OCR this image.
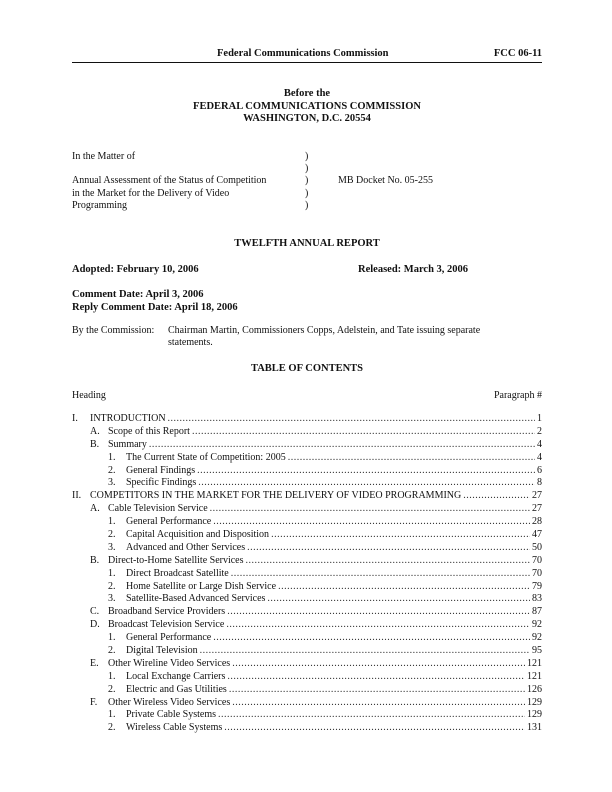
Federal Communications Commission	FCC 06-11
Before the
FEDERAL COMMUNICATIONS COMMISSION
WASHINGTON, D.C. 20554
In the Matter of
Annual Assessment of the Status of Competition
in the Market for the Delivery of Video
Programming
)
)
)
)
)
MB Docket No. 05-255
TWELFTH ANNUAL REPORT
Adopted: February 10, 2006	Released: March 3, 2006
Comment Date: April 3, 2006
Reply Comment Date: April 18, 2006
By the Commission: Chairman Martin, Commissioners Copps, Adelstein, and Tate issuing separate
statements.
TABLE OF CONTENTS
Heading	Paragraph #
I.	INTRODUCTION .....	1
A. Scope of this Report .....	2
B. Summary .....	4
1.	The Current State of Competition: 2005 .....	4
2.	General Findings .....	6
3.	Specific Findings .....	8
II. COMPETITORS IN THE MARKET FOR THE DELIVERY OF VIDEO PROGRAMMING .....	27
A. Cable Television Service .....	27
1.	General Performance .....	28
2.	Capital Acquisition and Disposition .....	47
3.	Advanced and Other Services .....	50
B. Direct-to-Home Satellite Services .....	70
1.	Direct Broadcast Satellite .....	70
2.	Home Satellite or Large Dish Service .....	79
3.	Satellite-Based Advanced Services .....	83
C. Broadband Service Providers .....	87
D. Broadcast Television Service .....	92
1.	General Performance .....	92
2.	Digital Television .....	95
E. Other Wireline Video Services .....	121
1.	Local Exchange Carriers .....	121
2.	Electric and Gas Utilities .....	126
F.	Other Wireless Video Services .....	129
1.	Private Cable Systems .....	129
2.	Wireless Cable Systems .....	131
